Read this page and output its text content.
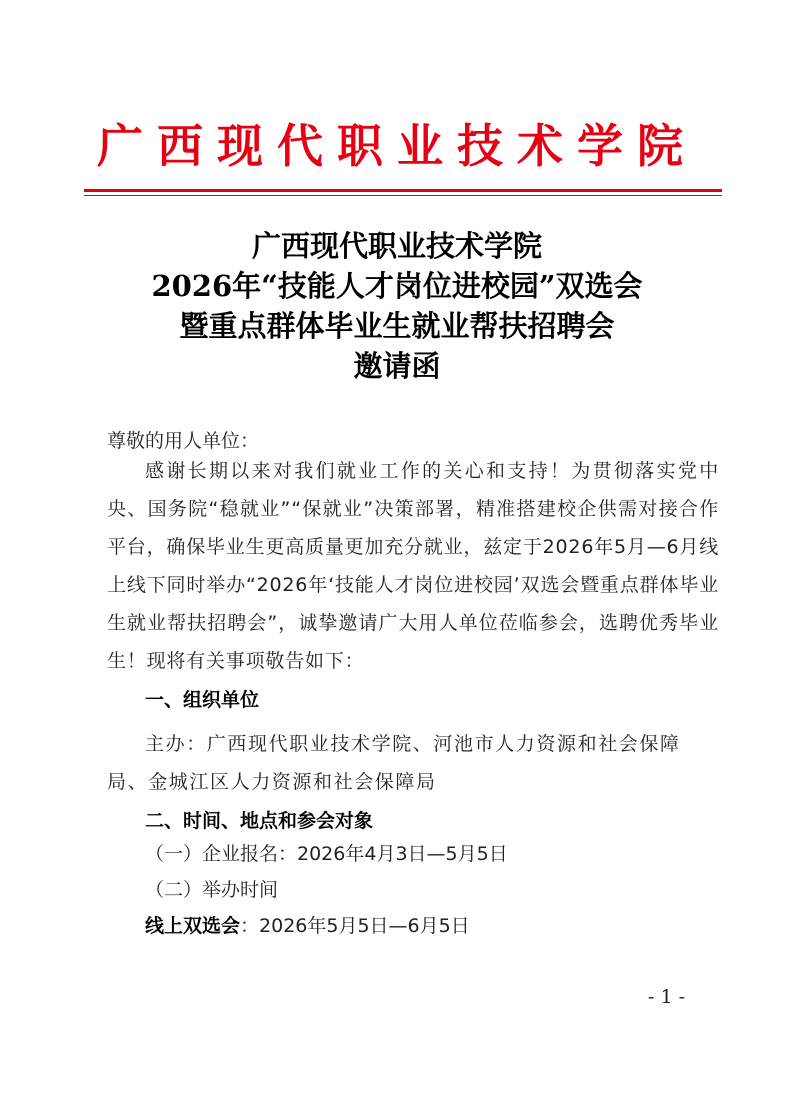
广西现代职业技术学院
广西现代职业技术学院
2026年“技能人才岗位进校园”双选会
暨重点群体毕业生就业帮扶招聘会
邀请函
尊敬的用人单位：
感谢长期以来对我们就业工作的关心和支持！为贯彻落实党中央、国务院“稳就业”“保就业”决策部署，精准搭建校企供需对接合作平台，确保毕业生更高质量更加充分就业，兹定于2026年5月—6月线上线下同时举办“2026年‘技能人才岗位进校园’双选会暨重点群体毕业生就业帮扶招聘会”，诚挚邀请广大用人单位莅临参会，选聘优秀毕业生！现将有关事项敬告如下：
一、组织单位
主办：广西现代职业技术学院、河池市人力资源和社会保障局、金城江区人力资源和社会保障局
二、时间、地点和参会对象
（一）企业报名：2026年4月3日—5月5日
（二）举办时间
线上双选会：2026年5月5日—6月5日
- 1 -
